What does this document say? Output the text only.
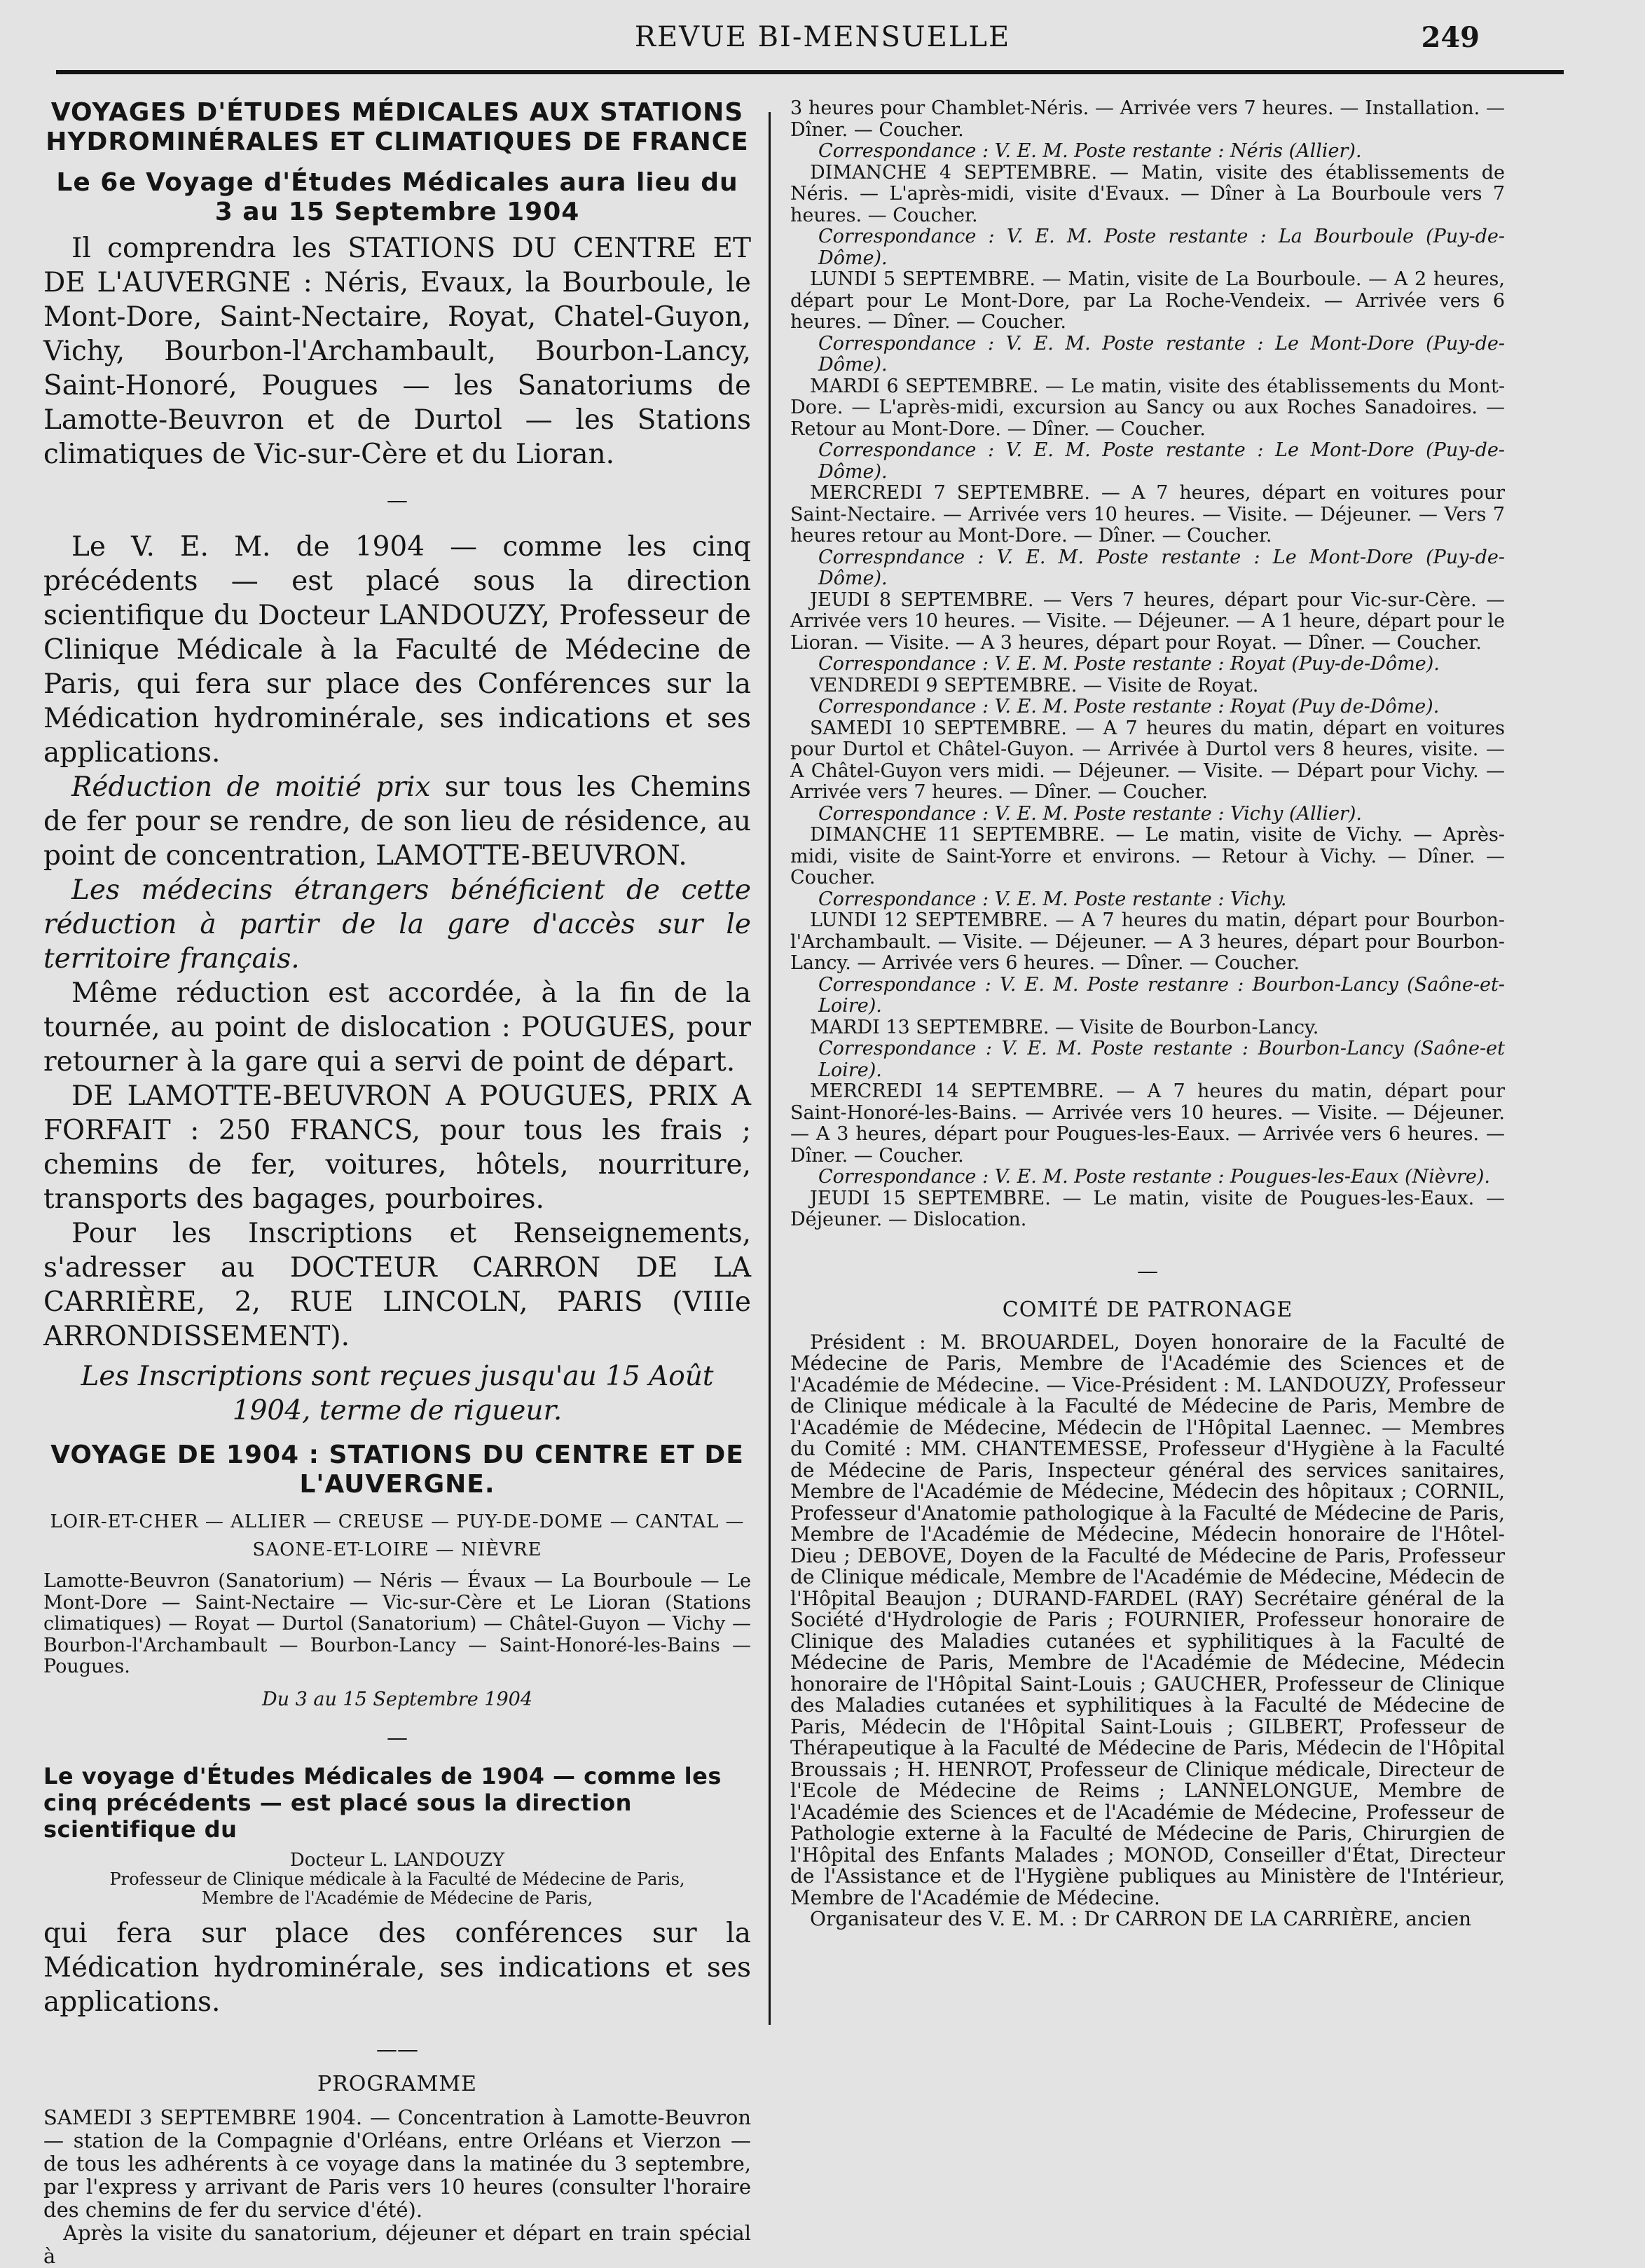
REVUE BI-MENSUELLE	249

VOYAGES D'ÉTUDES MÉDICALES AUX STATIONS HYDROMINÉRALES ET CLIMATIQUES DE FRANCE

Le 6e Voyage d'Études Médicales aura lieu du 3 au 15 Septembre 1904

Il comprendra les STATIONS DU CENTRE ET DE L'AUVERGNE : Néris, Evaux, la Bourboule, le Mont-Dore, Saint-Nectaire, Royat, Chatel-Guyon, Vichy, Bourbon-l'Archambault, Bourbon-Lancy, Saint-Honoré, Pougues — les Sanatoriums de Lamotte-Beuvron et de Durtol — les Stations climatiques de Vic-sur-Cère et du Lioran.

—

Le V. E. M. de 1904 — comme les cinq précédents — est placé sous la direction scientifique du Docteur LANDOUZY, Professeur de Clinique Médicale à la Faculté de Médecine de Paris, qui fera sur place des Conférences sur la Médication hydrominérale, ses indications et ses applications.

Réduction de moitié prix sur tous les Chemins de fer pour se rendre, de son lieu de résidence, au point de concentration, LAMOTTE-BEUVRON.

Les médecins étrangers bénéficient de cette réduction à partir de la gare d'accès sur le territoire français.

Même réduction est accordée, à la fin de la tournée, au point de dislocation : POUGUES, pour retourner à la gare qui a servi de point de départ.

DE LAMOTTE-BEUVRON A POUGUES, PRIX A FORFAIT : 250 FRANCS, pour tous les frais ; chemins de fer, voitures, hôtels, nourriture, transports des bagages, pourboires.

Pour les Inscriptions et Renseignements, s'adresser au DOCTEUR CARRON DE LA CARRIÈRE, 2, RUE LINCOLN, PARIS (VIIIe ARRONDISSEMENT).

Les Inscriptions sont reçues jusqu'au 15 Août 1904, terme de rigueur.

VOYAGE DE 1904 : STATIONS DU CENTRE ET DE L'AUVERGNE.

LOIR-ET-CHER — ALLIER — CREUSE — PUY-DE-DOME — CANTAL — SAONE-ET-LOIRE — NIÈVRE

Lamotte-Beuvron (Sanatorium) — Néris — Évaux — La Bourboule — Le Mont-Dore — Saint-Nectaire — Vic-sur-Cère et Le Lioran (Stations climatiques) — Royat — Durtol (Sanatorium) — Châtel-Guyon — Vichy — Bourbon-l'Archambault — Bourbon-Lancy — Saint-Honoré-les-Bains — Pougues.

Du 3 au 15 Septembre 1904

—

Le voyage d'Études Médicales de 1904 — comme les cinq précédents — est placé sous la direction scientifique du

Docteur L. LANDOUZY

Professeur de Clinique médicale à la Faculté de Médecine de Paris,

Membre de l'Académie de Médecine de Paris,

qui fera sur place des conférences sur la Médication hydrominérale, ses indications et ses applications.

——

PROGRAMME

SAMEDI 3 SEPTEMBRE 1904. — Concentration à Lamotte-Beuvron — station de la Compagnie d'Orléans, entre Orléans et Vierzon — de tous les adhérents à ce voyage dans la matinée du 3 septembre, par l'express y arrivant de Paris vers 10 heures (consulter l'horaire des chemins de fer du service d'été).

Après la visite du sanatorium, déjeuner et départ en train spécial à

3 heures pour Chamblet-Néris. — Arrivée vers 7 heures. — Installation. — Dîner. — Coucher.

Correspondance : V. E. M. Poste restante : Néris (Allier).

DIMANCHE 4 SEPTEMBRE. — Matin, visite des établissements de Néris. — L'après-midi, visite d'Evaux. — Dîner à La Bourboule vers 7 heures. — Coucher.

Correspondance : V. E. M. Poste restante : La Bourboule (Puy-de-Dôme).

LUNDI 5 SEPTEMBRE. — Matin, visite de La Bourboule. — A 2 heures, départ pour Le Mont-Dore, par La Roche-Vendeix. — Arrivée vers 6 heures. — Dîner. — Coucher.

Correspondance : V. E. M. Poste restante : Le Mont-Dore (Puy-de-Dôme).

MARDI 6 SEPTEMBRE. — Le matin, visite des établissements du Mont-Dore. — L'après-midi, excursion au Sancy ou aux Roches Sanadoires. — Retour au Mont-Dore. — Dîner. — Coucher.

Correspondance : V. E. M. Poste restante : Le Mont-Dore (Puy-de-Dôme).

MERCREDI 7 SEPTEMBRE. — A 7 heures, départ en voitures pour Saint-Nectaire. — Arrivée vers 10 heures. — Visite. — Déjeuner. — Vers 7 heures retour au Mont-Dore. — Dîner. — Coucher.

Correspndance : V. E. M. Poste restante : Le Mont-Dore (Puy-de-Dôme).

JEUDI 8 SEPTEMBRE. — Vers 7 heures, départ pour Vic-sur-Cère. — Arrivée vers 10 heures. — Visite. — Déjeuner. — A 1 heure, départ pour le Lioran. — Visite. — A 3 heures, départ pour Royat. — Dîner. — Coucher.

Correspondance : V. E. M. Poste restante : Royat (Puy-de-Dôme).

VENDREDI 9 SEPTEMBRE. — Visite de Royat.

Correspondance : V. E. M. Poste restante : Royat (Puy de-Dôme).

SAMEDI 10 SEPTEMBRE. — A 7 heures du matin, départ en voitures pour Durtol et Châtel-Guyon. — Arrivée à Durtol vers 8 heures, visite. — A Châtel-Guyon vers midi. — Déjeuner. — Visite. — Départ pour Vichy. — Arrivée vers 7 heures. — Dîner. — Coucher.

Correspondance : V. E. M. Poste restante : Vichy (Allier).

DIMANCHE 11 SEPTEMBRE. — Le matin, visite de Vichy. — Après-midi, visite de Saint-Yorre et environs. — Retour à Vichy. — Dîner. — Coucher.

Correspondance : V. E. M. Poste restante : Vichy.

LUNDI 12 SEPTEMBRE. — A 7 heures du matin, départ pour Bourbon-l'Archambault. — Visite. — Déjeuner. — A 3 heures, départ pour Bourbon-Lancy. — Arrivée vers 6 heures. — Dîner. — Coucher.

Correspondance : V. E. M. Poste restanre : Bourbon-Lancy (Saône-et-Loire).

MARDI 13 SEPTEMBRE. — Visite de Bourbon-Lancy.

Correspondance : V. E. M. Poste restante : Bourbon-Lancy (Saône-et Loire).

MERCREDI 14 SEPTEMBRE. — A 7 heures du matin, départ pour Saint-Honoré-les-Bains. — Arrivée vers 10 heures. — Visite. — Déjeuner. — A 3 heures, départ pour Pougues-les-Eaux. — Arrivée vers 6 heures. — Dîner. — Coucher.

Correspondance : V. E. M. Poste restante : Pougues-les-Eaux (Nièvre).

JEUDI 15 SEPTEMBRE. — Le matin, visite de Pougues-les-Eaux. — Déjeuner. — Dislocation.

—

COMITÉ DE PATRONAGE

Président : M. BROUARDEL, Doyen honoraire de la Faculté de Médecine de Paris, Membre de l'Académie des Sciences et de l'Académie de Médecine. — Vice-Président : M. LANDOUZY, Professeur de Clinique médicale à la Faculté de Médecine de Paris, Membre de l'Académie de Médecine, Médecin de l'Hôpital Laennec. — Membres du Comité : MM. CHANTEMESSE, Professeur d'Hygiène à la Faculté de Médecine de Paris, Inspecteur général des services sanitaires, Membre de l'Académie de Médecine, Médecin des hôpitaux ; CORNIL, Professeur d'Anatomie pathologique à la Faculté de Médecine de Paris, Membre de l'Académie de Médecine, Médecin honoraire de l'Hôtel-Dieu ; DEBOVE, Doyen de la Faculté de Médecine de Paris, Professeur de Clinique médicale, Membre de l'Académie de Médecine, Médecin de l'Hôpital Beaujon ; DURAND-FARDEL (RAY) Secrétaire général de la Société d'Hydrologie de Paris ; FOURNIER, Professeur honoraire de Clinique des Maladies cutanées et syphilitiques à la Faculté de Médecine de Paris, Membre de l'Académie de Médecine, Médecin honoraire de l'Hôpital Saint-Louis ; GAUCHER, Professeur de Clinique des Maladies cutanées et syphilitiques à la Faculté de Médecine de Paris, Médecin de l'Hôpital Saint-Louis ; GILBERT, Professeur de Thérapeutique à la Faculté de Médecine de Paris, Médecin de l'Hôpital Broussais ; H. HENROT, Professeur de Clinique médicale, Directeur de l'Ecole de Médecine de Reims ; LANNELONGUE, Membre de l'Académie des Sciences et de l'Académie de Médecine, Professeur de Pathologie externe à la Faculté de Médecine de Paris, Chirurgien de l'Hôpital des Enfants Malades ; MONOD, Conseiller d'État, Directeur de l'Assistance et de l'Hygiène publiques au Ministère de l'Intérieur, Membre de l'Académie de Médecine.

Organisateur des V. E. M. : Dr CARRON DE LA CARRIÈRE, ancien
